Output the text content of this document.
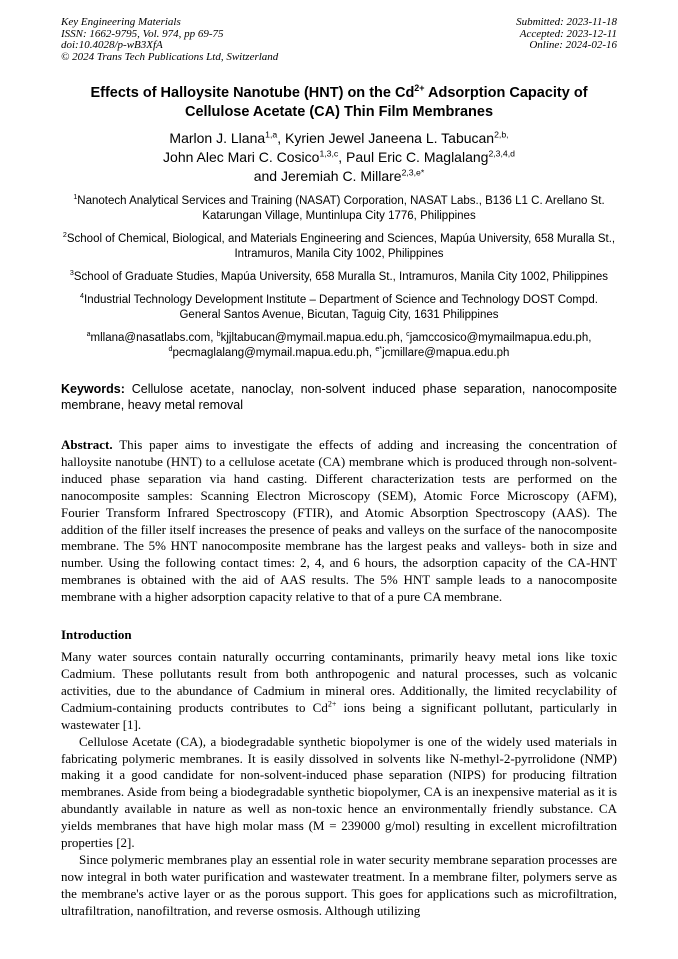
Key Engineering Materials
ISSN: 1662-9795, Vol. 974, pp 69-75
doi:10.4028/p-wB3XfA
© 2024 Trans Tech Publications Ltd, Switzerland
Submitted: 2023-11-18
Accepted: 2023-12-11
Online: 2024-02-16
Effects of Halloysite Nanotube (HNT) on the $Cd^{2+}$ Adsorption Capacity of
Cellulose Acetate (CA) Thin Film Membranes
Marlon J. Llana$^{1,a}$, Kyrien Jewel Janeena L. Tabucan$^{2,b,}$
John Alec Mari C. Cosico$^{1,3,c}$, Paul Eric C. Maglalang$^{2,3,4,d}$
and Jeremiah C. Millare$^{2,3,e*}$
$^1$Nanotech Analytical Services and Training (NASAT) Corporation, NASAT Labs., B136 L1 C. Arellano St. Katarungan Village, Muntinlupa City 1776, Philippines
$^2$School of Chemical, Biological, and Materials Engineering and Sciences, Mapúa University, 658 Muralla St., Intramuros, Manila City 1002, Philippines
$^3$School of Graduate Studies, Mapúa University, 658 Muralla St., Intramuros, Manila City 1002, Philippines
$^4$Industrial Technology Development Institute – Department of Science and Technology DOST Compd. General Santos Avenue, Bicutan, Taguig City, 1631 Philippines
$^a$mllana@nasatlabs.com, $^b$kjjltabucan@mymail.mapua.edu.ph, $^c$jamccosico@mymailmapua.edu.ph, $^d$pecmaglalang@mymail.mapua.edu.ph, $^{e*}$jcmillare@mapua.edu.ph
Keywords: Cellulose acetate, nanoclay, non-solvent induced phase separation, nanocomposite membrane, heavy metal removal
Abstract. This paper aims to investigate the effects of adding and increasing the concentration of halloysite nanotube (HNT) to a cellulose acetate (CA) membrane which is produced through non-solvent-induced phase separation via hand casting. Different characterization tests are performed on the nanocomposite samples: Scanning Electron Microscopy (SEM), Atomic Force Microscopy (AFM), Fourier Transform Infrared Spectroscopy (FTIR), and Atomic Absorption Spectroscopy (AAS). The addition of the filler itself increases the presence of peaks and valleys on the surface of the nanocomposite membrane. The 5% HNT nanocomposite membrane has the largest peaks and valleys- both in size and number. Using the following contact times: 2, 4, and 6 hours, the adsorption capacity of the CA-HNT membranes is obtained with the aid of AAS results. The 5% HNT sample leads to a nanocomposite membrane with a higher adsorption capacity relative to that of a pure CA membrane.
Introduction

Many water sources contain naturally occurring contaminants, primarily heavy metal ions like toxic Cadmium. These pollutants result from both anthropogenic and natural processes, such as volcanic activities, due to the abundance of Cadmium in mineral ores. Additionally, the limited recyclability of Cadmium-containing products contributes to $Cd^{2+}$ ions being a significant pollutant, particularly in wastewater [1].

Cellulose Acetate (CA), a biodegradable synthetic biopolymer is one of the widely used materials in fabricating polymeric membranes. It is easily dissolved in solvents like N-methyl-2-pyrrolidone (NMP) making it a good candidate for non-solvent-induced phase separation (NIPS) for producing filtration membranes. Aside from being a biodegradable synthetic biopolymer, CA is an inexpensive material as it is abundantly available in nature as well as non-toxic hence an environmentally friendly substance. CA yields membranes that have high molar mass (M = 239000 g/mol) resulting in excellent microfiltration properties [2].

Since polymeric membranes play an essential role in water security membrane separation processes are now integral in both water purification and wastewater treatment. In a membrane filter, polymers serve as the membrane's active layer or as the porous support. This goes for applications such as microfiltration, ultrafiltration, nanofiltration, and reverse osmosis. Although utilizing
